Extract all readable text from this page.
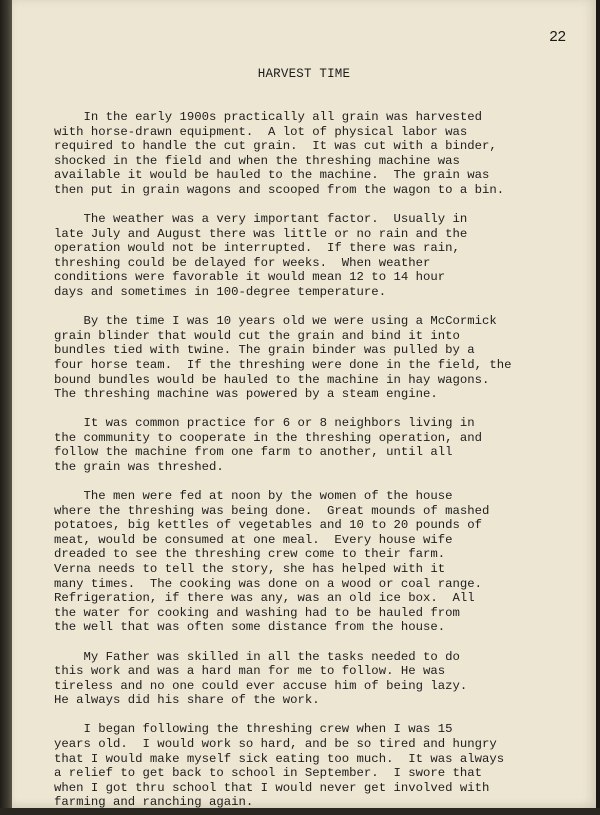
22
HARVEST TIME
In the early 1900s practically all grain was harvested
with horse-drawn equipment.  A lot of physical labor was
required to handle the cut grain.  It was cut with a binder,
shocked in the field and when the threshing machine was
available it would be hauled to the machine.  The grain was
then put in grain wagons and scooped from the wagon to a bin.
The weather was a very important factor.  Usually in
late July and August there was little or no rain and the
operation would not be interrupted.  If there was rain,
threshing could be delayed for weeks.  When weather
conditions were favorable it would mean 12 to 14 hour
days and sometimes in 100-degree temperature.
By the time I was 10 years old we were using a McCormick
grain blinder that would cut the grain and bind it into
bundles tied with twine. The grain binder was pulled by a
four horse team.  If the threshing were done in the field, the
bound bundles would be hauled to the machine in hay wagons.
The threshing machine was powered by a steam engine.
It was common practice for 6 or 8 neighbors living in
the community to cooperate in the threshing operation, and
follow the machine from one farm to another, until all
the grain was threshed.
The men were fed at noon by the women of the house
where the threshing was being done.  Great mounds of mashed
potatoes, big kettles of vegetables and 10 to 20 pounds of
meat, would be consumed at one meal.  Every house wife
dreaded to see the threshing crew come to their farm.
Verna needs to tell the story, she has helped with it
many times.  The cooking was done on a wood or coal range.
Refrigeration, if there was any, was an old ice box.  All
the water for cooking and washing had to be hauled from
the well that was often some distance from the house.
My Father was skilled in all the tasks needed to do
this work and was a hard man for me to follow. He was
tireless and no one could ever accuse him of being lazy.
He always did his share of the work.
I began following the threshing crew when I was 15
years old.  I would work so hard, and be so tired and hungry
that I would make myself sick eating too much.  It was always
a relief to get back to school in September.  I swore that
when I got thru school that I would never get involved with
farming and ranching again.
